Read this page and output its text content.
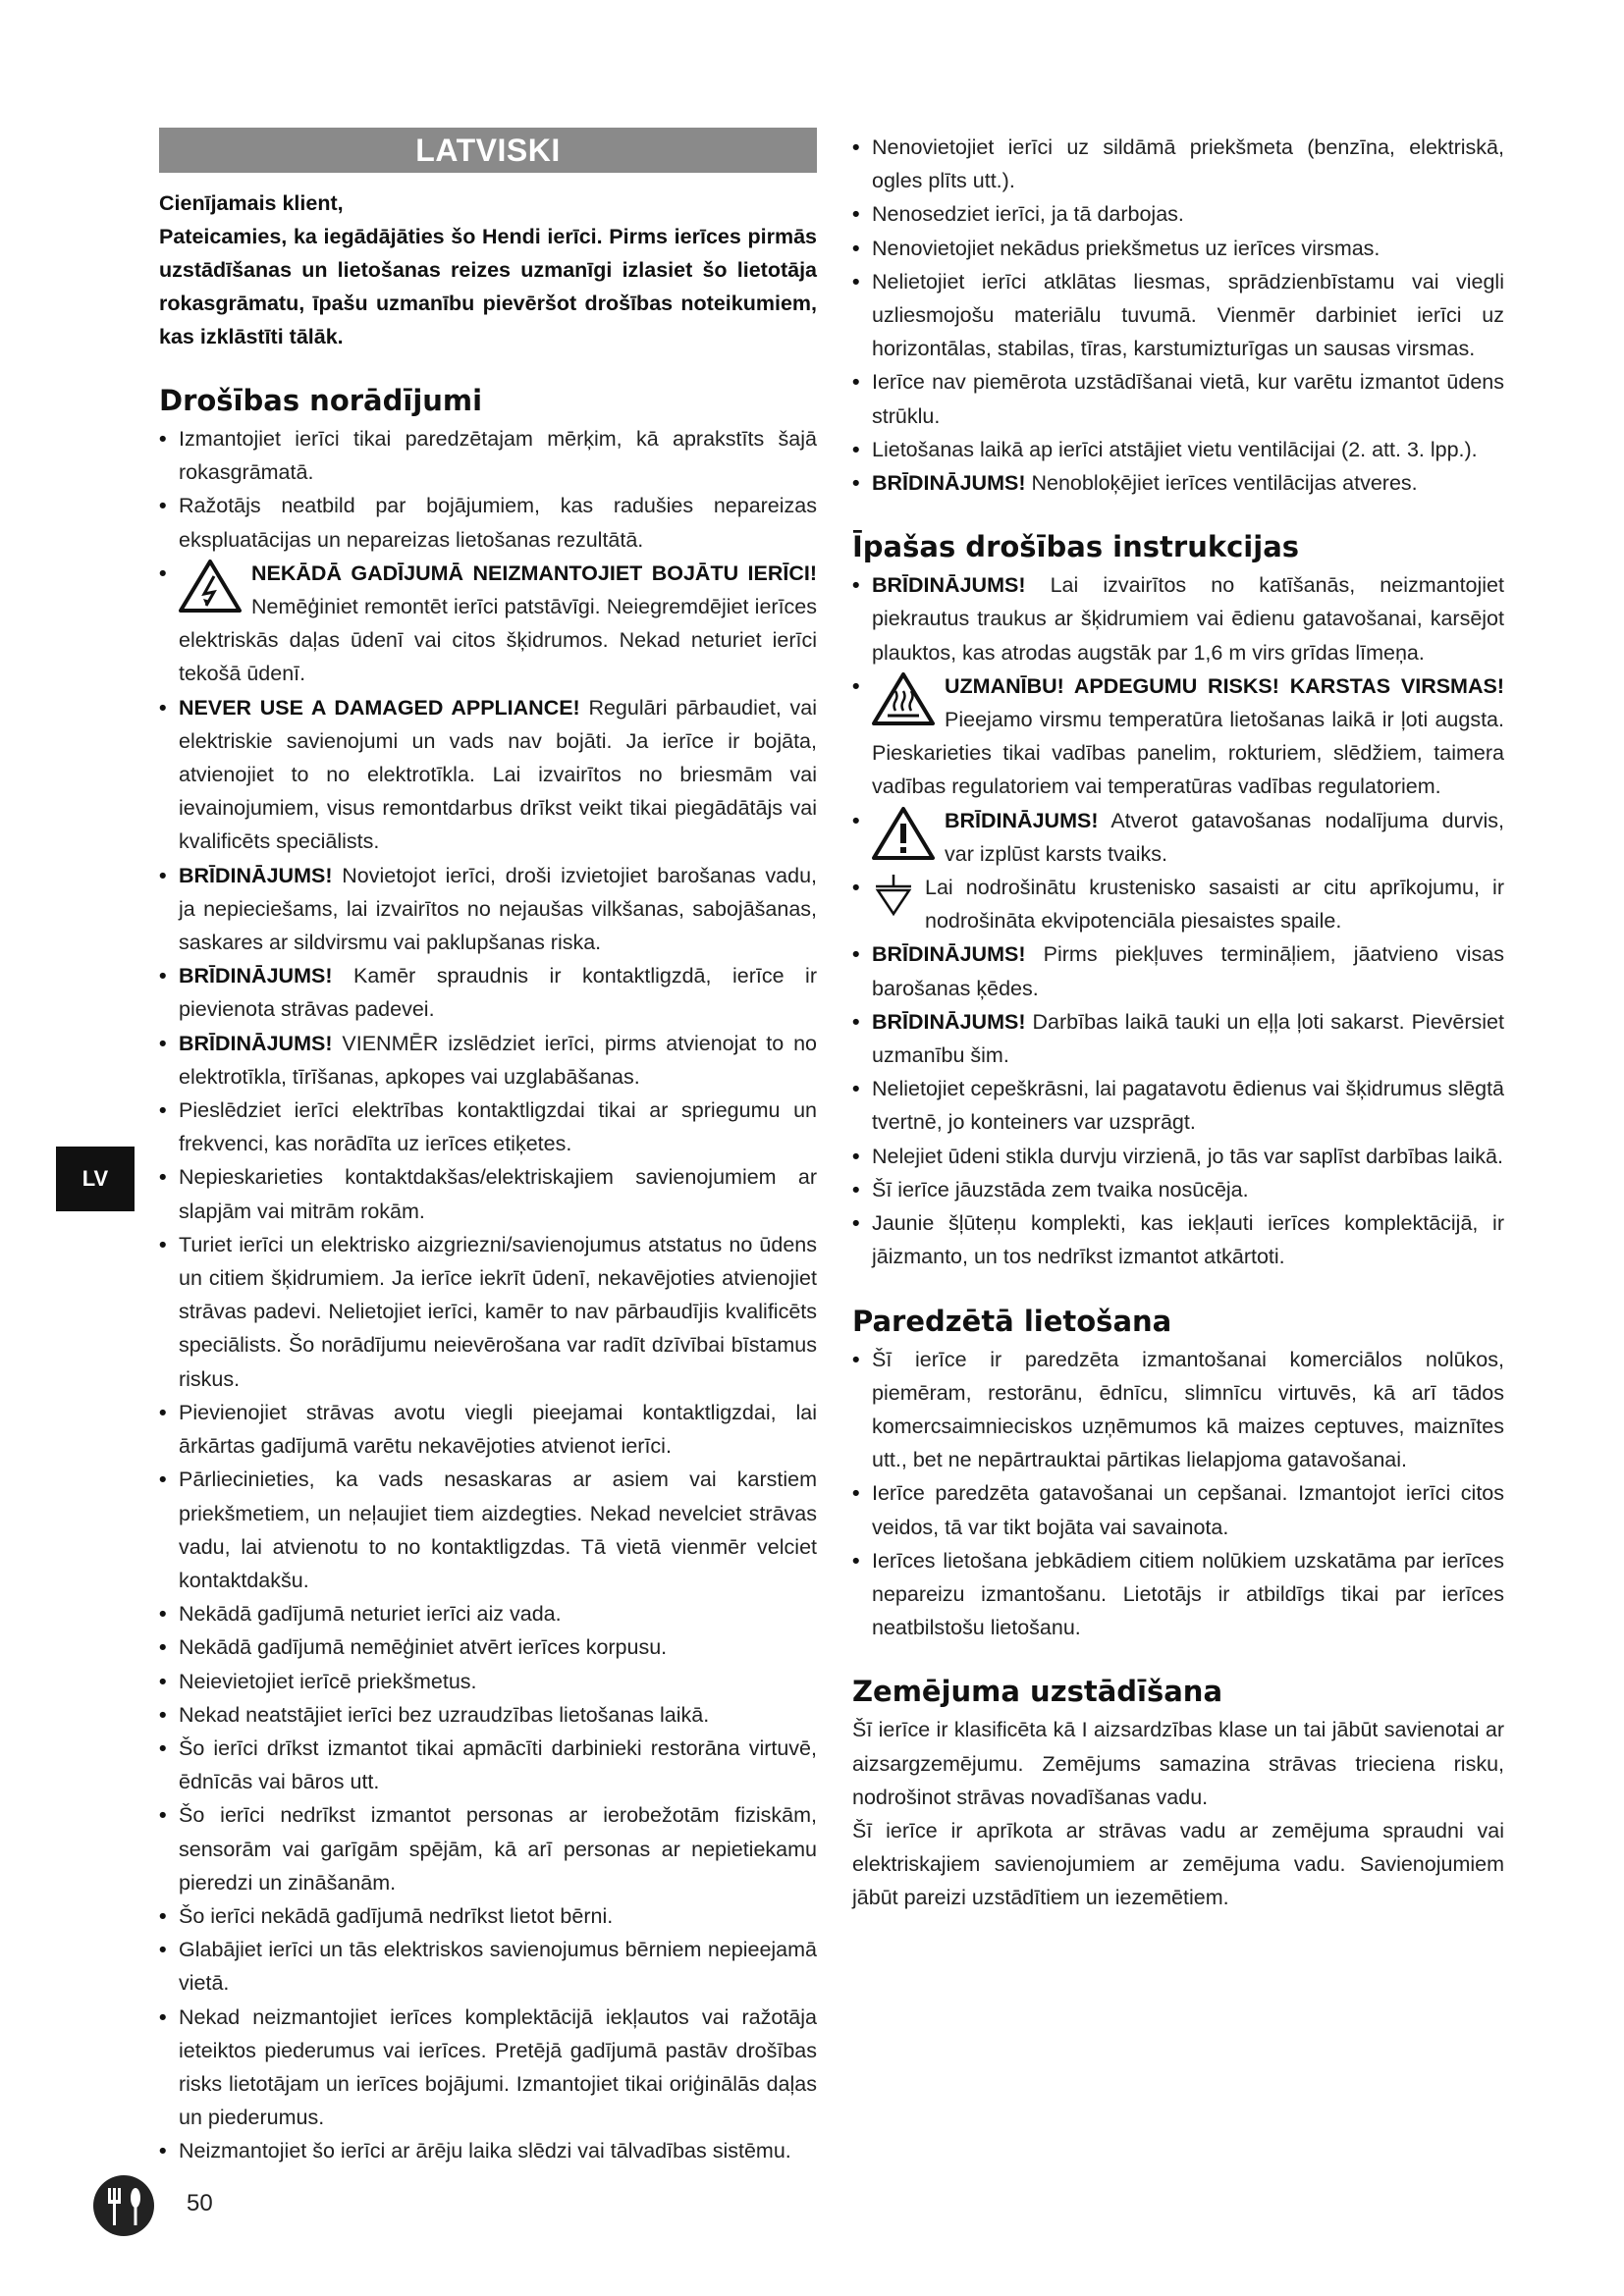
LATVISKI

Cienījamais klient,

Pateicamies, ka iegādājāties šo Hendi ierīci. Pirms ierīces pirmās uzstādīšanas un lietošanas reizes uzmanīgi izlasiet šo lietotāja rokasgrāmatu, īpašu uzmanību pievēršot drošības noteikumiem, kas izklāstīti tālāk.

Drošības norādījumi
• Izmantojiet ierīci tikai paredzētajam mērķim, kā aprakstīts šajā rokasgrāmatā.
• Ražotājs neatbild par bojājumiem, kas radušies nepareizas ekspluatācijas un nepareizas lietošanas rezultātā.
• NEKĀDĀ GADĪJUMĀ NEIZMANTOJIET BOJĀTU IERĪCI! Nemēģiniet remontēt ierīci patstāvīgi. Neiegremdējiet ierīces elektriskās daļas ūdenī vai citos šķidrumos. Nekad neturiet ierīci tekošā ūdenī.
• NEVER USE A DAMAGED APPLIANCE! Regulāri pārbaudiet, vai elektriskie savienojumi un vads nav bojāti. Ja ierīce ir bojāta, atvienojiet to no elektrotīkla. Lai izvairītos no briesmām vai ievainojumiem, visus remontdarbus drīkst veikt tikai piegādātājs vai kvalificēts speciālists.
• BRĪDINĀJUMS! Novietojot ierīci, droši izvietojiet barošanas vadu, ja nepieciešams, lai izvairītos no nejaušas vilkšanas, sabojāšanas, saskares ar sildvirsmu vai paklupšanas riska.
• BRĪDINĀJUMS! Kamēr spraudnis ir kontaktligzdā, ierīce ir pievienota strāvas padevei.
• BRĪDINĀJUMS! VIENMĒR izslēdziet ierīci, pirms atvienojat to no elektrotīkla, tīrīšanas, apkopes vai uzglabāšanas.
• Pieslēdziet ierīci elektrības kontaktligzdai tikai ar spriegumu un frekvenci, kas norādīta uz ierīces etiķetes.
• Nepieskarieties kontaktdakšas/elektriskajiem savienojumiem ar slapjām vai mitrām rokām.
• Turiet ierīci un elektrisko aizgriezni/savienojumus atstatus no ūdens un citiem šķidrumiem. Ja ierīce iekrīt ūdenī, nekavējoties atvienojiet strāvas padevi. Nelietojiet ierīci, kamēr to nav pārbaudījis kvalificēts speciālists. Šo norādījumu neievērošana var radīt dzīvībai bīstamus riskus.
• Pievienojiet strāvas avotu viegli pieejamai kontaktligzdai, lai ārkārtas gadījumā varētu nekavējoties atvienot ierīci.
• Pārliecinieties, ka vads nesaskaras ar asiem vai karstiem priekšmetiem, un neļaujiet tiem aizdegties. Nekad nevelciet strāvas vadu, lai atvienotu to no kontaktligzdas. Tā vietā vienmēr velciet kontaktdakšu.
• Nekādā gadījumā neturiet ierīci aiz vada.
• Nekādā gadījumā nemēģiniet atvērt ierīces korpusu.
• Neievietojiet ierīcē priekšmetus.
• Nekad neatstājiet ierīci bez uzraudzības lietošanas laikā.
• Šo ierīci drīkst izmantot tikai apmācīti darbinieki restorāna virtuvē, ēdnīcās vai bāros utt.
• Šo ierīci nedrīkst izmantot personas ar ierobežotām fiziskām, sensorām vai garīgām spējām, kā arī personas ar nepietiekamu pieredzi un zināšanām.
• Šo ierīci nekādā gadījumā nedrīkst lietot bērni.
• Glabājiet ierīci un tās elektriskos savienojumus bērniem nepieejamā vietā.
• Nekad neizmantojiet ierīces komplektācijā iekļautos vai ražotāja ieteiktos piederumus vai ierīces. Pretējā gadījumā pastāv drošības risks lietotājam un ierīces bojājumi. Izmantojiet tikai oriģinālās daļas un piederumus.
• Neizmantojiet šo ierīci ar ārēju laika slēdzi vai tālvadības sistēmu.
• Nenovietojiet ierīci uz sildāmā priekšmeta (benzīna, elektriskā, ogles plīts utt.).
• Nenosedziet ierīci, ja tā darbojas.
• Nenovietojiet nekādus priekšmetus uz ierīces virsmas.
• Nelietojiet ierīci atklātas liesmas, sprādzienbīstamu vai viegli uzliesmojošu materiālu tuvumā. Vienmēr darbiniet ierīci uz horizontālas, stabilas, tīras, karstumizturīgas un sausas virsmas.
• Ierīce nav piemērota uzstādīšanai vietā, kur varētu izmantot ūdens strūklu.
• Lietošanas laikā ap ierīci atstājiet vietu ventilācijai (2. att. 3. lpp.).
• BRĪDINĀJUMS! Nenobloķējiet ierīces ventilācijas atveres.
Īpašas drošības instrukcijas
• BRĪDINĀJUMS! Lai izvairītos no katīšanās, neizmantojiet piekrautus traukus ar šķidrumiem vai ēdienu gatavošanai, karsējot plauktos, kas atrodas augstāk par 1,6 m virs grīdas līmeņa.
• UZMANĪBU! APDEGUMU RISKS! KARSTAS VIRSMAS! Pieejamo virsmu temperatūra lietošanas laikā ir ļoti augsta. Pieskarieties tikai vadības panelim, rokturiem, slēdžiem, taimera vadības regulatoriem vai temperatūras vadības regulatoriem.
• BRĪDINĀJUMS! Atverot gatavošanas nodalījuma durvis, var izplūst karsts tvaiks.
• Lai nodrošinātu krustenisko sasaisti ar citu aprīkojumu, ir nodrošināta ekvipotenciāla piesaistes spaile.
• BRĪDINĀJUMS! Pirms piekļuves termināļiem, jāatvieno visas barošanas ķēdes.
• BRĪDINĀJUMS! Darbības laikā tauki un eļļa ļoti sakarst. Pievērsiet uzmanību šim.
• Nelietojiet cepeškrāsni, lai pagatavotu ēdienus vai šķidrumus slēgtā tvertnē, jo konteiners var uzsprāgt.
• Nelejiet ūdeni stikla durvju virzienā, jo tās var saplīst darbības laikā.
• Šī ierīce jāuzstāda zem tvaika nosūcēja.
• Jaunie šļūteņu komplekti, kas iekļauti ierīces komplektācijā, ir jāizmanto, un tos nedrīkst izmantot atkārtoti.
Paredzētā lietošana
• Šī ierīce ir paredzēta izmantošanai komerciālos nolūkos, piemēram, restorānu, ēdnīcu, slimnīcu virtuvēs, kā arī tādos komercsaimnieciskos uzņēmumos kā maizes ceptuves, maiznītes utt., bet ne nepārtrauktai pārtikas lielapjoma gatavošanai.
• Ierīce paredzēta gatavošanai un cepšanai. Izmantojot ierīci citos veidos, tā var tikt bojāta vai savainota.
• Ierīces lietošana jebkādiem citiem nolūkiem uzskatāma par ierīces nepareizu izmantošanu. Lietotājs ir atbildīgs tikai par ierīces neatbilstošu lietošanu.
Zemējuma uzstādīšana

Šī ierīce ir klasificēta kā I aizsardzības klase un tai jābūt savienotai ar aizsargzemējumu. Zemējums samazina strāvas trieciena risku, nodrošinot strāvas novadīšanas vadu.

Šī ierīce ir aprīkota ar strāvas vadu ar zemējuma spraudni vai elektriskajiem savienojumiem ar zemējuma vadu. Savienojumiem jābūt pareizi uzstādītiem un iezemētiem.

LV
50
